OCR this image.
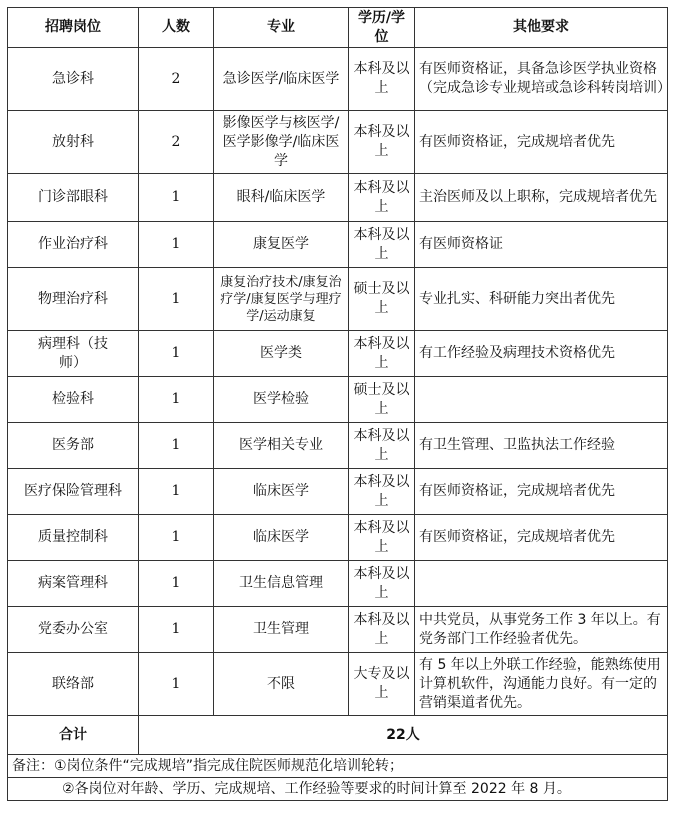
招聘岗位	人数	专业	学历/学位	其他要求
急诊科	2	急诊医学/临床医学	本科及以上	有医师资格证，具备急诊医学执业资格（完成急诊专业规培或急诊科转岗培训）
放射科	2	影像医学与核医学/医学影像学/临床医学	本科及以上	有医师资格证，完成规培者优先
门诊部眼科	1	眼科/临床医学	本科及以上	主治医师及以上职称，完成规培者优先
作业治疗科	1	康复医学	本科及以上	有医师资格证
物理治疗科	1	康复治疗技术/康复治疗学/康复医学与理疗学/运动康复	硕士及以上	专业扎实、科研能力突出者优先
病理科（技师）	1	医学类	本科及以上	有工作经验及病理技术资格优先
检验科	1	医学检验	硕士及以上	
医务部	1	医学相关专业	本科及以上	有卫生管理、卫监执法工作经验
医疗保险管理科	1	临床医学	本科及以上	有医师资格证，完成规培者优先
质量控制科	1	临床医学	本科及以上	有医师资格证，完成规培者优先
病案管理科	1	卫生信息管理	本科及以上	
党委办公室	1	卫生管理	本科及以上	中共党员，从事党务工作 3 年以上。有党务部门工作经验者优先。
联络部	1	不限	大专及以上	有 5 年以上外联工作经验，能熟练使用计算机软件，沟通能力良好。有一定的营销渠道者优先。
合计	22人			
备注：①岗位条件“完成规培”指完成住院医师规范化培训轮转；				
②各岗位对年龄、学历、完成规培、工作经验等要求的时间计算至 2022 年 8 月。				
